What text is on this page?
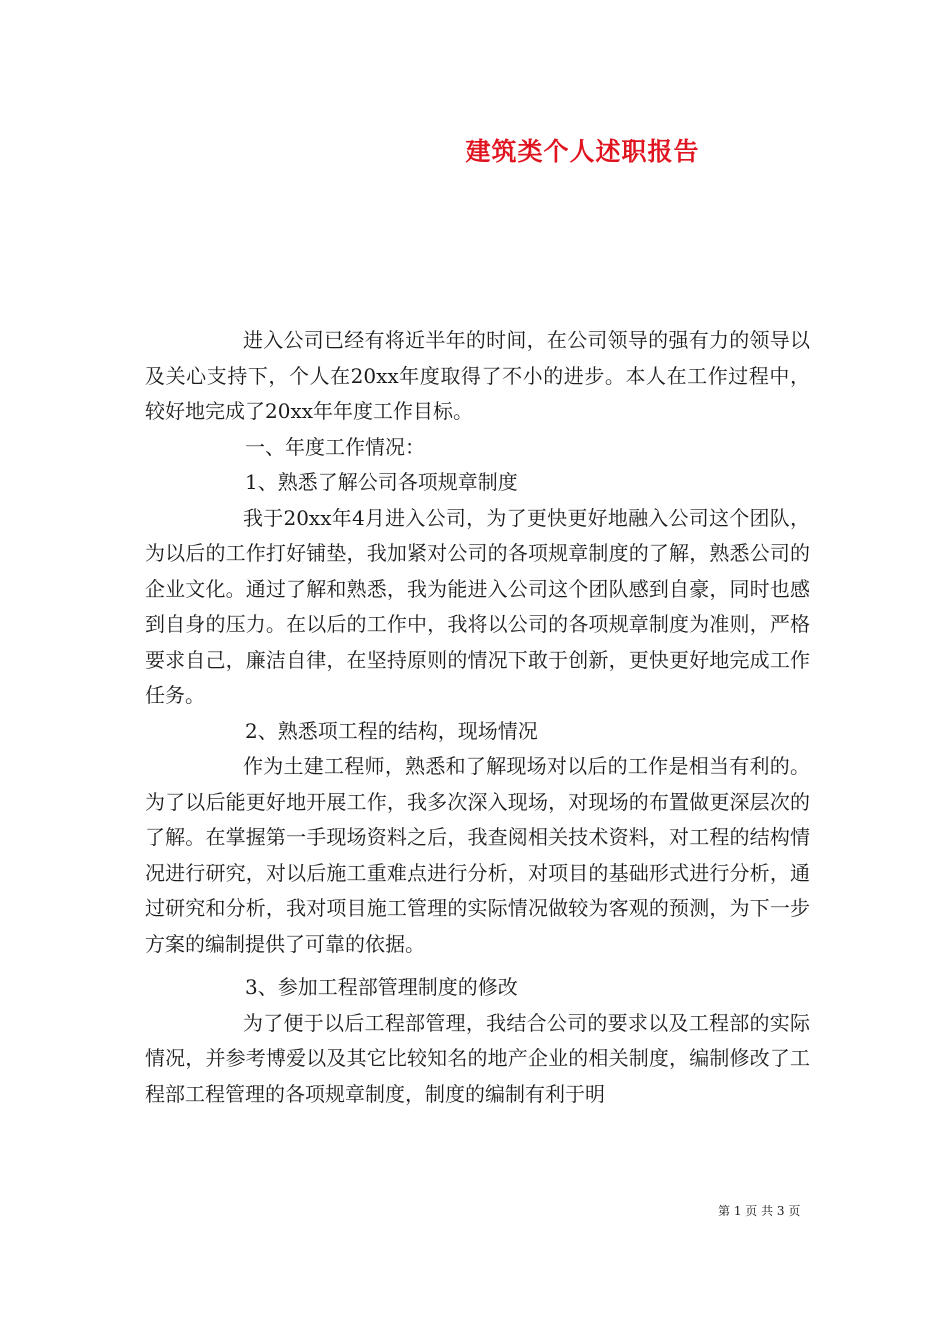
建筑类个人述职报告

进入公司已经有将近半年的时间，在公司领导的强有力的领导以及关心支持下，个人在20xx年度取得了不小的进步。本人在工作过程中，较好地完成了20xx年年度工作目标。

一、年度工作情况：

1、熟悉了解公司各项规章制度

我于20xx年4月进入公司，为了更快更好地融入公司这个团队，为以后的工作打好铺垫，我加紧对公司的各项规章制度的了解，熟悉公司的企业文化。通过了解和熟悉，我为能进入公司这个团队感到自豪，同时也感到自身的压力。在以后的工作中，我将以公司的各项规章制度为准则，严格要求自己，廉洁自律，在坚持原则的情况下敢于创新，更快更好地完成工作任务。

2、熟悉项工程的结构，现场情况

作为土建工程师，熟悉和了解现场对以后的工作是相当有利的。为了以后能更好地开展工作，我多次深入现场，对现场的布置做更深层次的了解。在掌握第一手现场资料之后，我查阅相关技术资料，对工程的结构情况进行研究，对以后施工重难点进行分析，对项目的基础形式进行分析，通过研究和分析，我对项目施工管理的实际情况做较为客观的预测，为下一步方案的编制提供了可靠的依据。

3、参加工程部管理制度的修改

为了便于以后工程部管理，我结合公司的要求以及工程部的实际情况，并参考博爱以及其它比较知名的地产企业的相关制度，编制修改了工程部工程管理的各项规章制度，制度的编制有利于明

第 1 页 共 3 页
